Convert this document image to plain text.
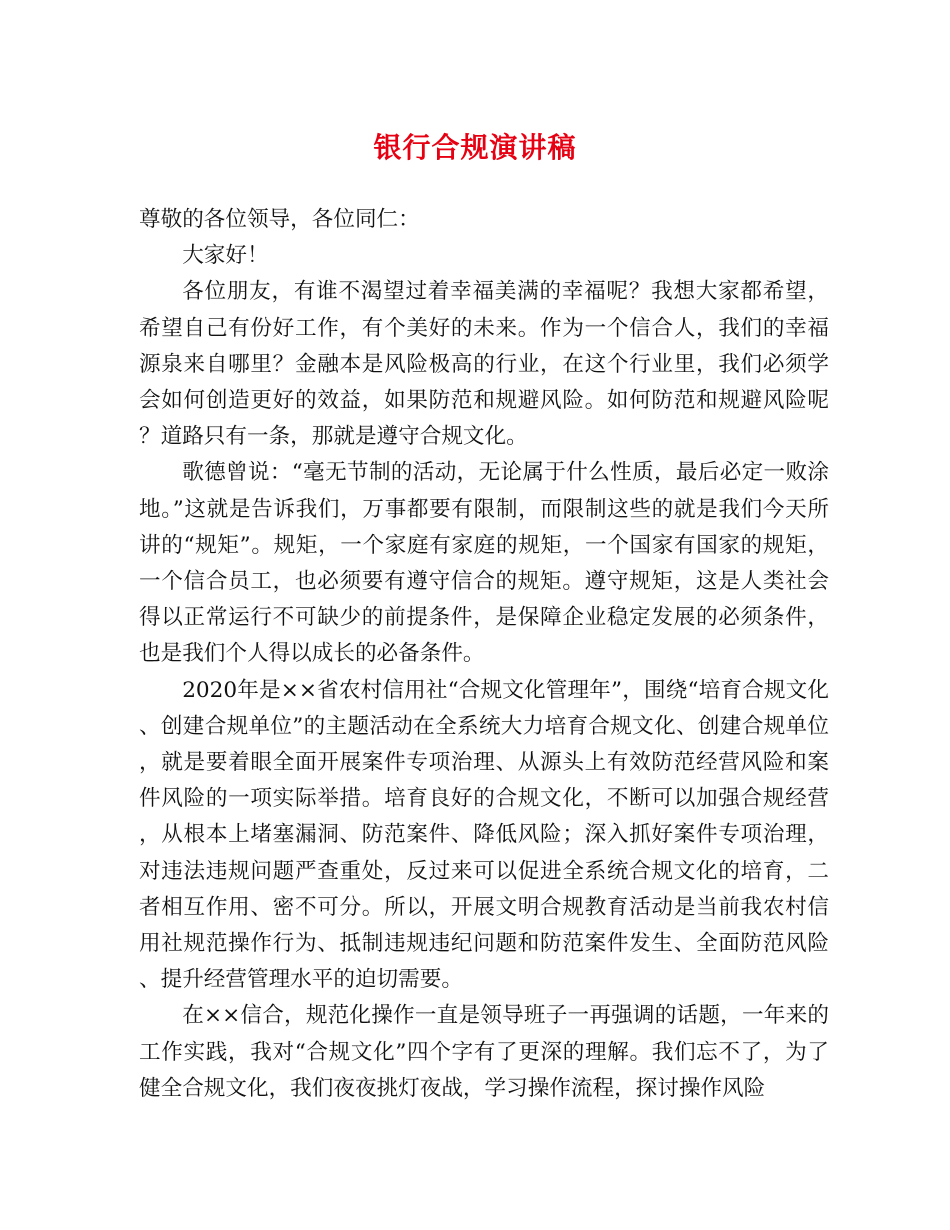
银行合规演讲稿

尊敬的各位领导，各位同仁：

大家好！

各位朋友，有谁不渴望过着幸福美满的幸福呢？我想大家都希望，希望自己有份好工作，有个美好的未来。作为一个信合人，我们的幸福源泉来自哪里？金融本是风险极高的行业，在这个行业里，我们必须学会如何创造更好的效益，如果防范和规避风险。如何防范和规避风险呢？道路只有一条，那就是遵守合规文化。

歌德曾说：“毫无节制的活动，无论属于什么性质，最后必定一败涂地。”这就是告诉我们，万事都要有限制，而限制这些的就是我们今天所讲的“规矩”。规矩，一个家庭有家庭的规矩，一个国家有国家的规矩，一个信合员工，也必须要有遵守信合的规矩。遵守规矩，这是人类社会得以正常运行不可缺少的前提条件，是保障企业稳定发展的必须条件，也是我们个人得以成长的必备条件。

2020年是××省农村信用社“合规文化管理年”，围绕“培育合规文化、创建合规单位”的主题活动在全系统大力培育合规文化、创建合规单位，就是要着眼全面开展案件专项治理、从源头上有效防范经营风险和案件风险的一项实际举措。培育良好的合规文化，不断可以加强合规经营，从根本上堵塞漏洞、防范案件、降低风险；深入抓好案件专项治理，对违法违规问题严查重处，反过来可以促进全系统合规文化的培育，二者相互作用、密不可分。所以，开展文明合规教育活动是当前我农村信用社规范操作行为、抵制违规违纪问题和防范案件发生、全面防范风险、提升经营管理水平的迫切需要。

在××信合，规范化操作一直是领导班子一再强调的话题，一年来的工作实践，我对“合规文化”四个字有了更深的理解。我们忘不了，为了健全合规文化，我们夜夜挑灯夜战，学习操作流程，探讨操作风险
